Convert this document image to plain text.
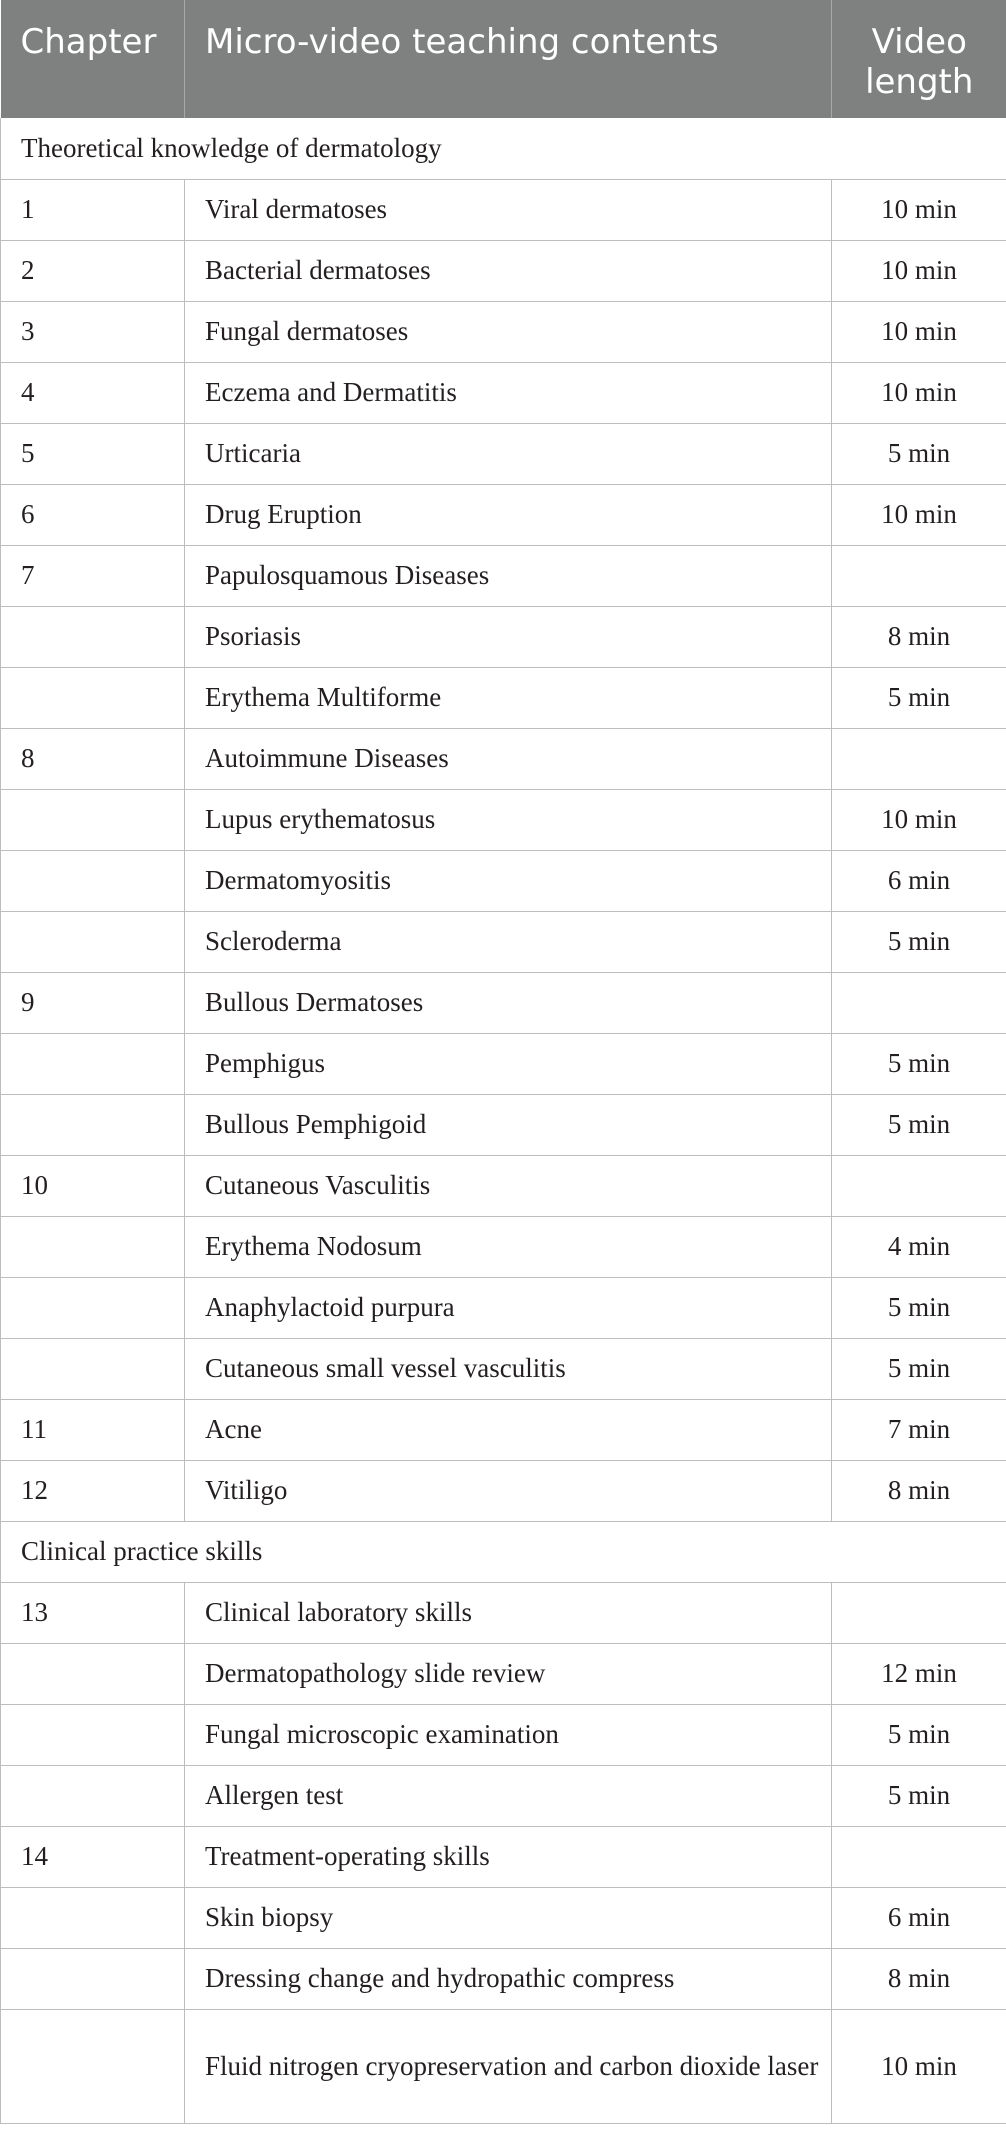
Chapter	Micro-video teaching contents	Video length
Theoretical knowledge of dermatology		
1	Viral dermatoses	10 min
2	Bacterial dermatoses	10 min
3	Fungal dermatoses	10 min
4	Eczema and Dermatitis	10 min
5	Urticaria	5 min
6	Drug Eruption	10 min
7	Papulosquamous Diseases	
	Psoriasis	8 min
	Erythema Multiforme	5 min
8	Autoimmune Diseases	
	Lupus erythematosus	10 min
	Dermatomyositis	6 min
	Scleroderma	5 min
9	Bullous Dermatoses	
	Pemphigus	5 min
	Bullous Pemphigoid	5 min
10	Cutaneous Vasculitis	
	Erythema Nodosum	4 min
	Anaphylactoid purpura	5 min
	Cutaneous small vessel vasculitis	5 min
11	Acne	7 min
12	Vitiligo	8 min
Clinical practice skills		
13	Clinical laboratory skills	
	Dermatopathology slide review	12 min
	Fungal microscopic examination	5 min
	Allergen test	5 min
14	Treatment-operating skills	
	Skin biopsy	6 min
	Dressing change and hydropathic compress	8 min
	Fluid nitrogen cryopreservation and carbon dioxide laser	10 min
